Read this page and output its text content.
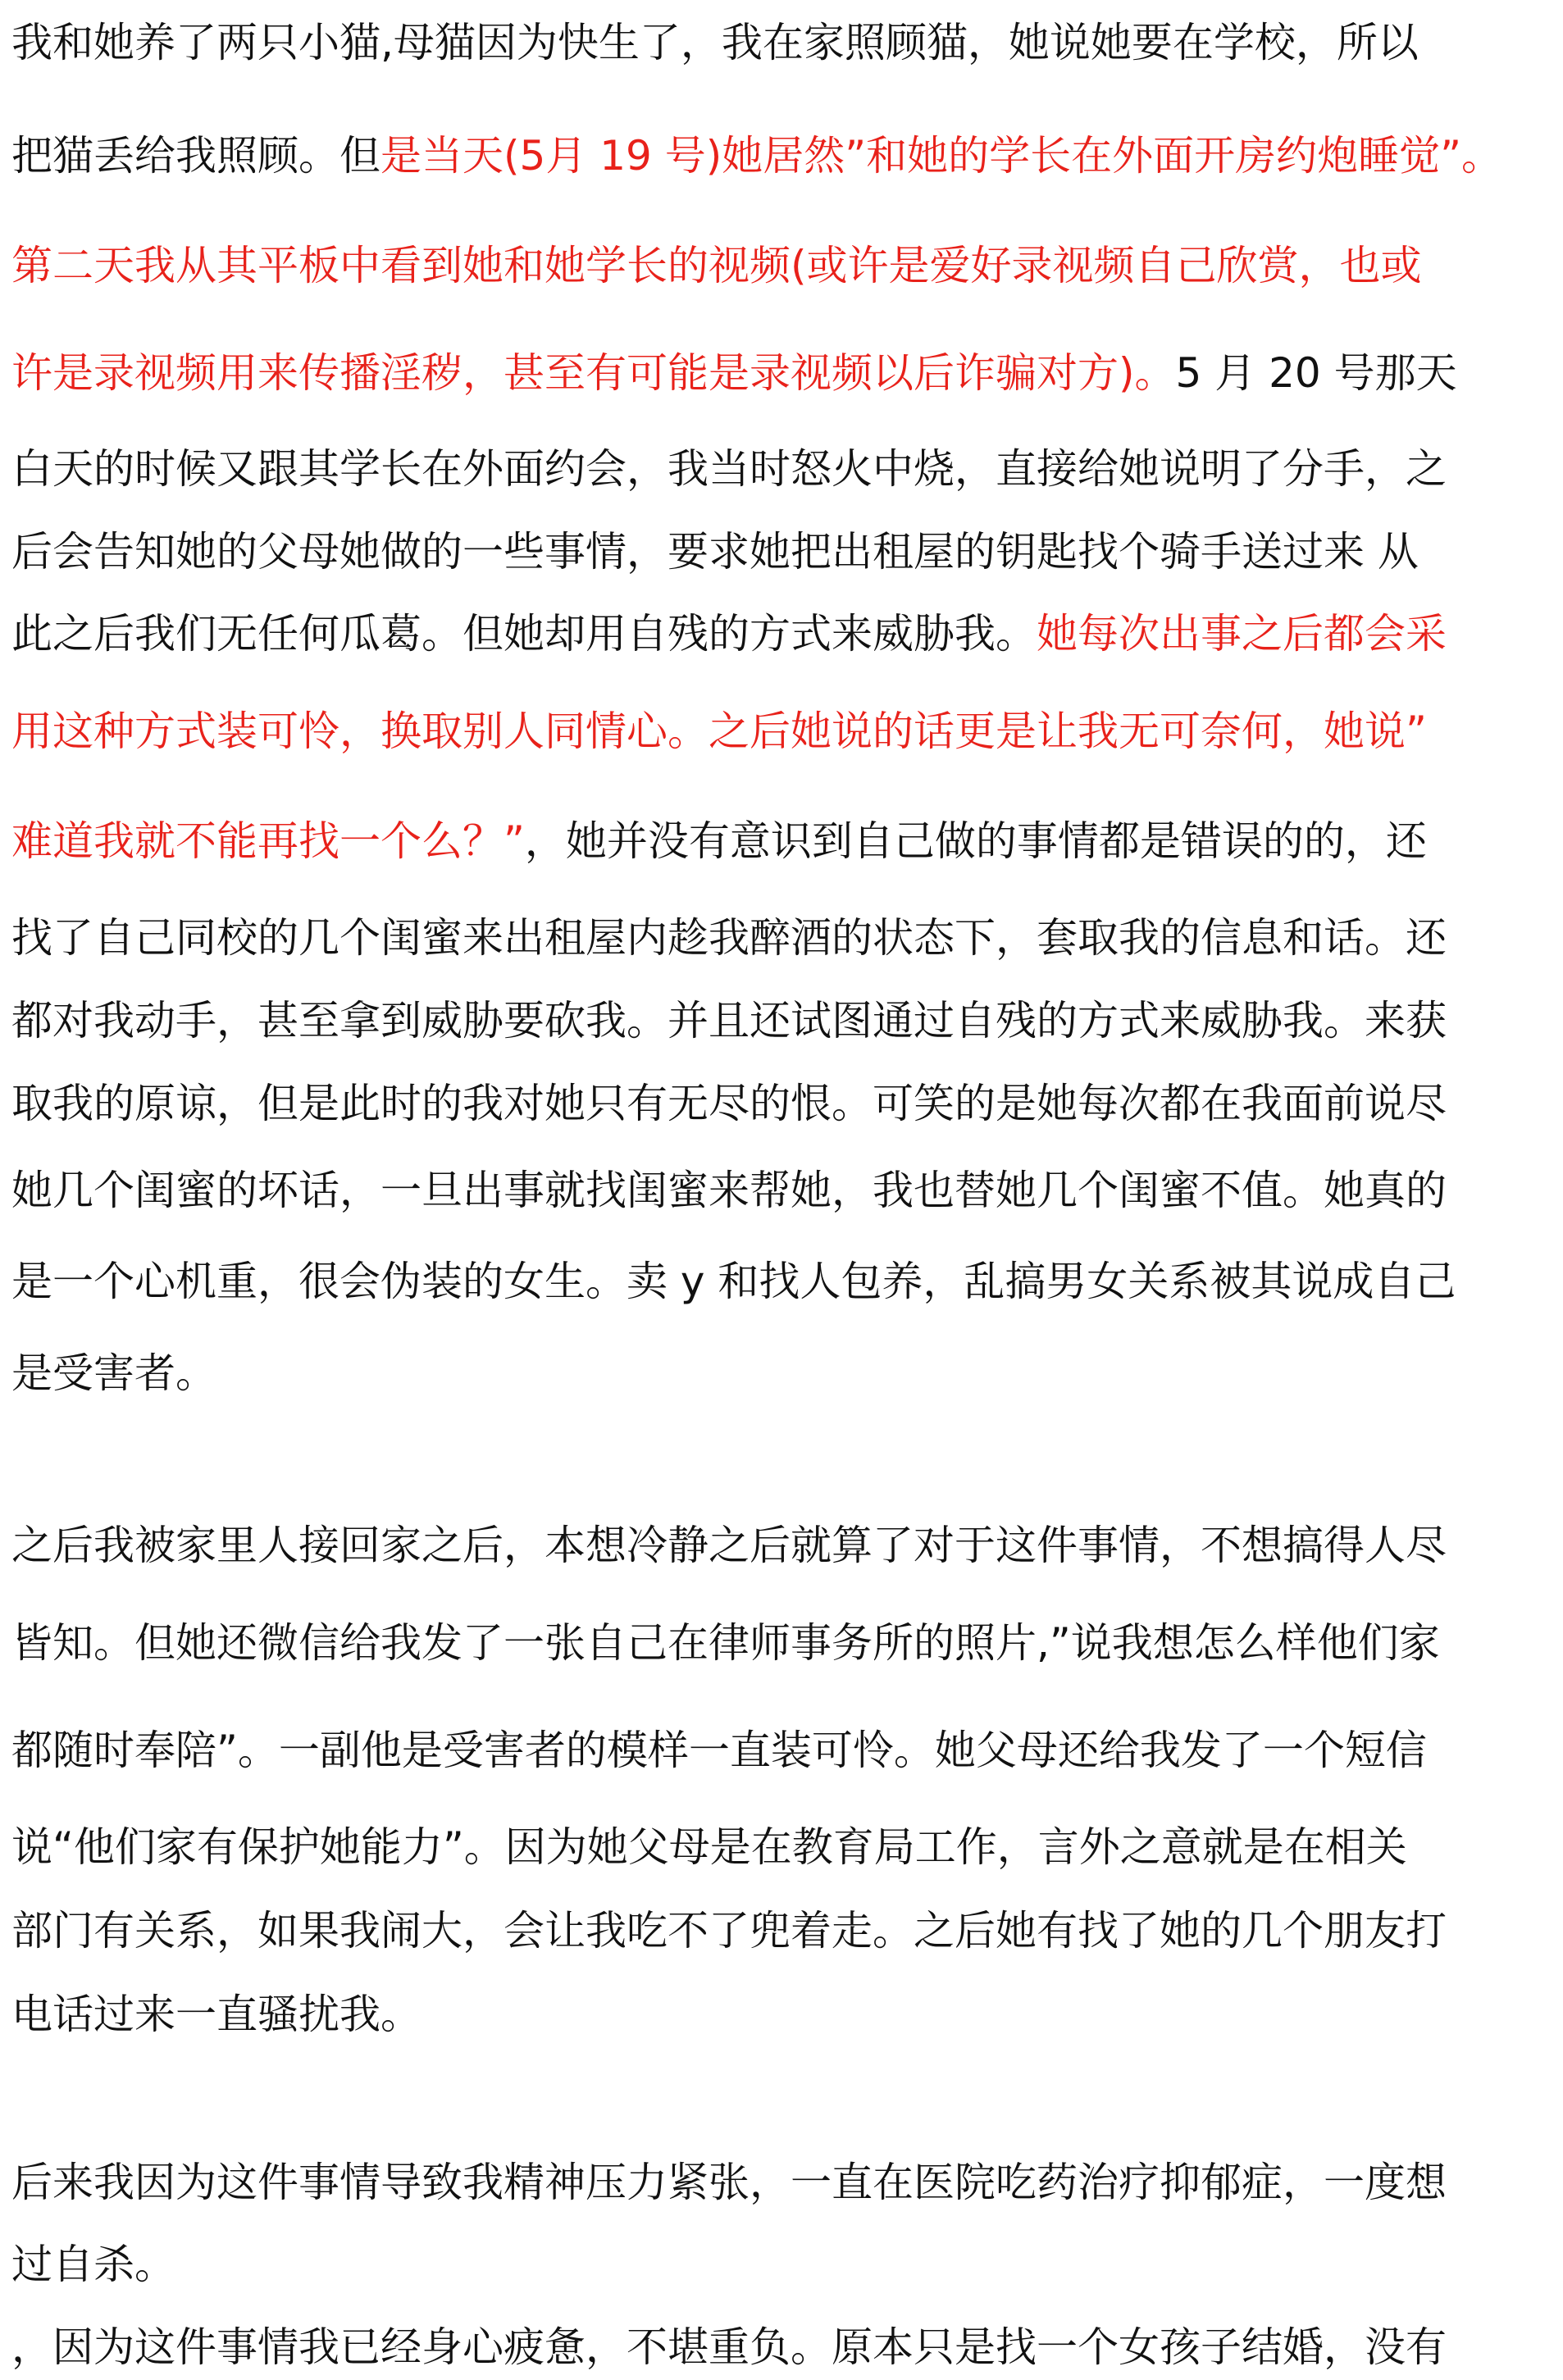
我和她养了两只小猫,母猫因为快生了，我在家照顾猫，她说她要在学校，所以
把猫丢给我照顾。但是当天(5月 19 号)她居然”和她的学长在外面开房约炮睡觉”。
第二天我从其平板中看到她和她学长的视频(或许是爱好录视频自己欣赏，也或
许是录视频用来传播淫秽，甚至有可能是录视频以后诈骗对方)。5 月 20 号那天
白天的时候又跟其学长在外面约会，我当时怒火中烧，直接给她说明了分手，之
后会告知她的父母她做的一些事情，要求她把出租屋的钥匙找个骑手送过来 从
此之后我们无任何瓜葛。但她却用自残的方式来威胁我。她每次出事之后都会采
用这种方式装可怜，换取别人同情心。之后她说的话更是让我无可奈何，她说”
难道我就不能再找一个么？”，她并没有意识到自己做的事情都是错误的的，还
找了自己同校的几个闺蜜来出租屋内趁我醉酒的状态下，套取我的信息和话。还
都对我动手，甚至拿到威胁要砍我。并且还试图通过自残的方式来威胁我。来获
取我的原谅，但是此时的我对她只有无尽的恨。可笑的是她每次都在我面前说尽
她几个闺蜜的坏话，一旦出事就找闺蜜来帮她，我也替她几个闺蜜不值。她真的
是一个心机重，很会伪装的女生。卖 y 和找人包养，乱搞男女关系被其说成自己
是受害者。
之后我被家里人接回家之后，本想冷静之后就算了对于这件事情，不想搞得人尽
皆知。但她还微信给我发了一张自己在律师事务所的照片,”说我想怎么样他们家
都随时奉陪”。一副他是受害者的模样一直装可怜。她父母还给我发了一个短信
说“他们家有保护她能力”。因为她父母是在教育局工作，言外之意就是在相关
部门有关系，如果我闹大，会让我吃不了兜着走。之后她有找了她的几个朋友打
电话过来一直骚扰我。
后来我因为这件事情导致我精神压力紧张，一直在医院吃药治疗抑郁症，一度想
过自杀。
，因为这件事情我已经身心疲惫，不堪重负。原本只是找一个女孩子结婚，没有
